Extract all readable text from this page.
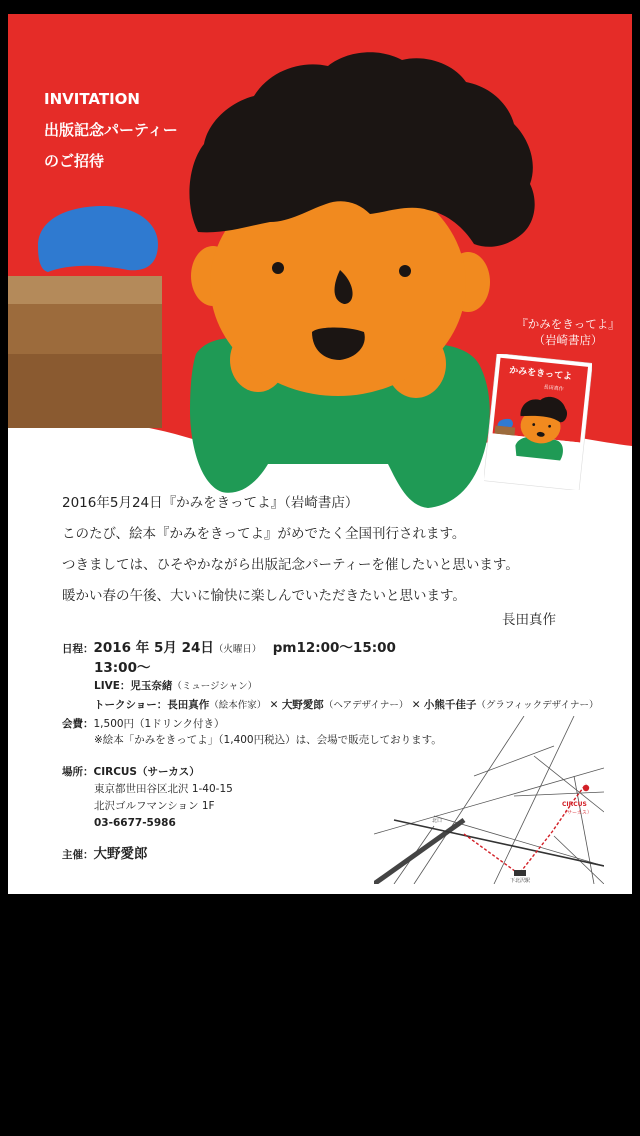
INVITATION
出版記念パーティー
のご招待
『かみをきってよ』
（岩崎書店）
かみをきってよ
長田真作
2016年5月24日『かみをきってよ』（岩崎書店）
このたび、絵本『かみをきってよ』がめでたく全国刊行されます。
つきましては、ひそやかながら出版記念パーティーを催したいと思います。
暖かい春の午後、大いに愉快に楽しんでいただきたいと思います。
長田真作
日程：2016 年 5月 24日（火曜日） pm12:00〜15:00
13:00〜
LIVE：児玉奈緒（ミュージシャン）
トークショー：長田真作（絵本作家） ✕ 大野愛郎（ヘアデザイナー） ✕ 小熊千佳子（グラフィックデザイナー）
会費：1,500円（1ドリンク付き）
※絵本「かみをきってよ」（1,400円税込）は、会場で販売しております。
場所：CIRCUS（サーカス）
東京都世田谷区北沢 1-40-15
北沢ゴルフマンション 1F
03-6677-5986
主催：大野愛郎
CIRCUS
（サーカス）
北口
下北沢駅
